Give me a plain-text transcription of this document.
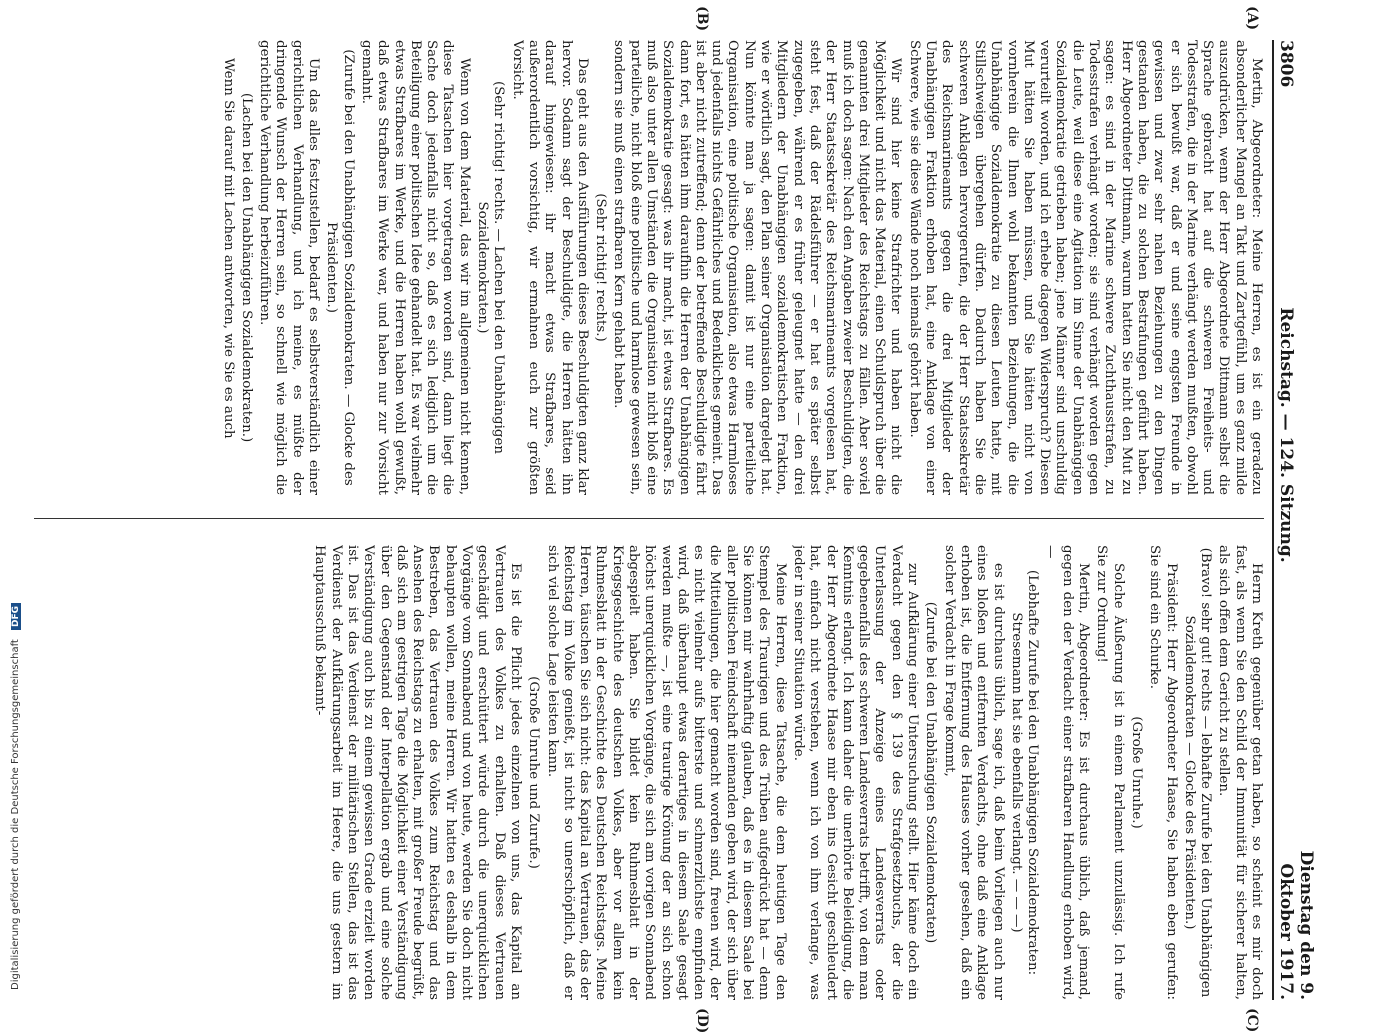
3806
Reichstag. — 124. Sitzung.
Dienstag den 9. Oktober 1917.
(A)
(B)
(C)
(D)

Mertin, Abgeordneter: Meine Herren, es ist ein geradezu absonderlicher Mangel an Takt und Zartgefühl, um es ganz milde auszudrücken, wenn der Herr Abgeordnete Dittmann selbst die Sprache gebracht hat auf die schweren Freiheits- und Todesstrafen, die in der Marine verhängt werden mußten, obwohl er sich bewußt war, daß er und seine engsten Freunde in gewissen und zwar sehr nahen Beziehungen zu den Dingen gestanden haben, die zu solchen Bestrafungen geführt haben. Herr Abgeordneter Dittmann, warum hatten Sie nicht den Mut zu sagen: es sind in der Marine schwere Zuchthausstrafen, zu Todesstrafen verhängt worden; sie sind verhängt worden gegen die Leute, weil diese eine Agitation im Sinne der Unabhängigen Sozialdemokratie getrieben haben; jene Männer sind unschuldig verurteilt worden, und ich erhebe dagegen Widerspruch? Diesen Mut hätten Sie haben müssen, und Sie hätten nicht von vornherein die Ihnen wohl bekannten Beziehungen, die die Unabhängige Sozialdemokratie zu diesen Leuten hatte, mit Stillschweigen übergehen dürfen. Dadurch haben Sie die schweren Anklagen hervorgerufen, die der Herr Staatssekretär des Reichsmarineamts gegen die drei Mitglieder der Unabhängigen Fraktion erhoben hat, eine Anklage von einer Schwere, wie sie diese Wände noch niemals gehört haben.

Wir sind hier keine Strafrichter und haben nicht die Möglichkeit und nicht das Material, einen Schuldspruch über die genannten drei Mitglieder des Reichstags zu fällen. Aber soviel muß ich doch sagen: Nach den Angaben zweier Beschuldigten, die der Herr Staatssekretär des Reichsmarineamts vorgelesen hat, steht fest, daß der Rädelsführer — er hat es später selbst zugegeben, während er es früher geleugnet hatte — den drei Mitgliedern der Unabhängigen sozialdemokratischen Fraktion, wie er wörtlich sagt, den Plan seiner Organisation dargelegt hat. Nun könnte man ja sagen: damit ist nur eine parteiliche Organisation, eine politische Organisation, also etwas Harmloses und jedenfalls nichts Gefährliches und Bedenkliches gemeint. Das ist aber nicht zutreffend; denn der betreffende Beschuldigte fährt dann fort, es hätten ihm daraufhin die Herren der Unabhängigen Sozialdemokratie gesagt: was ihr macht, ist etwas Strafbares. Es muß also unter allen Umständen die Organisation nicht bloß eine parteiliche, nicht bloß eine politische und harmlose gewesen sein, sondern sie muß einen strafbaren Kern gehabt haben.

(Sehr richtig! rechts.)

Das geht aus den Ausführungen dieses Beschuldigten ganz klar hervor. Sodann sagt der Beschuldigte, die Herren hätten ihn darauf hingewiesen: ihr macht etwas Strafbares, seid außerordentlich vorsichtig, wir ermahnen euch zur größten Vorsicht.

(Sehr richtig! rechts. — Lachen bei den Unabhängigen Sozialdemokraten.)

Wenn von dem Material, das wir im allgemeinen nicht kennen, diese Tatsachen hier vorgetragen worden sind, dann liegt die Sache doch jedenfalls nicht so, daß es sich lediglich um die Beteiligung einer politischen Idee gehandelt hat. Es war vielmehr etwas Strafbares im Werke, und die Herren haben wohl gewußt, daß etwas Strafbares im Werke war, und haben nur zur Vorsicht gemahnt.

(Zurufe bei den Unabhängigen Sozialdemokraten. — Glocke des Präsidenten.)

Um das alles festzustellen, bedarf es selbstverständlich einer gerichtlichen Verhandlung, und ich meine, es müßte der dringende Wunsch der Herren sein, so schnell wie möglich die gerichtliche Verhandlung herbeizuführen.

(Lachen bei den Unabhängigen Sozialdemokraten.)

Wenn Sie darauf mit Lachen antworten, wie Sie es auch

Herrn Kreth gegenüber getan haben, so scheint es mir doch fast, als wenn Sie den Schild der Immunität für sicherer halten, als sich offen dem Gericht zu stellen.

(Bravo! sehr gut! rechts — lebhafte Zurufe bei den Unabhängigen Sozialdemokraten — Glocke des Präsidenten.)

Präsident: Herr Abgeordneter Haase, Sie haben eben gerufen: Sie sind ein Schurke.

(Große Unruhe.)

Solche Äußerung ist in einem Parlament unzulässig. Ich rufe Sie zur Ordnung!

Mertin, Abgeordneter: Es ist durchaus üblich, daß jemand, gegen den der Verdacht einer strafbaren Handlung erhoben wird, —

(Lebhafte Zurufe bei den Unabhängigen Sozialdemokraten: Stresemann hat sie ebenfalls verlangt. — — —)

es ist durchaus üblich, sage ich, daß beim Vorliegen auch nur eines bloßen und entfernten Verdachts, ohne daß eine Anklage erhoben ist, die Entfernung des Hauses vorher gesehen, daß ein solcher Verdacht in Frage kommt,

(Zurufe bei den Unabhängigen Sozialdemokraten)

zur Aufklärung einer Untersuchung stellt. Hier käme doch ein Verdacht gegen den § 139 des Strafgesetzbuchs, der die Unterlassung der Anzeige eines Landesverrats oder gegebenenfalls des schweren Landesverrats betrifft, von dem man Kenntnis erlangt. Ich kann daher die unerhörte Beleidigung, die der Herr Abgeordnete Haase mir eben ins Gesicht geschleudert hat, einfach nicht verstehen, wenn ich von ihm verlange, was jeder in seiner Situation würde.

Meine Herren, diese Tatsache, die dem heutigen Tage den Stempel des Traurigen und des Trüben aufgedrückt hat — denn Sie können mir wahrhaftig glauben, daß es in diesem Saale bei aller politischen Feindschaft niemanden geben wird, der sich über die Mitteilungen, die hier gemacht worden sind, freuen wird, der es nicht vielmehr aufs bitterste und schmerzlichste empfinden wird, daß überhaupt etwas derartiges in diesem Saale gesagt werden mußte —, ist eine traurige Krönung der an sich schon höchst unerquicklichen Vorgänge, die sich am vorigen Sonnabend abgespielt haben. Sie bildet kein Ruhmesblatt in der Kriegsgeschichte des deutschen Volkes, aber vor allem kein Ruhmesblatt in der Geschichte des Deutschen Reichstags. Meine Herren, täuschen Sie sich nicht: das Kapital an Vertrauen, das der Reichstag im Volke genießt, ist nicht so unerschöpflich, daß er sich viel solche Lage leisten kann.

(Große Unruhe und Zurufe.)

Es ist die Pflicht jedes einzelnen von uns, das Kapital an Vertrauen des Volkes zu erhalten. Daß dieses Vertrauen geschädigt und erschüttert würde durch die unerquicklichen Vorgänge vom Sonnabend und von heute, werden Sie doch nicht behaupten wollen, meine Herren. Wir hatten es deshalb in dem Bestreben, das Vertrauen des Volkes zum Reichstag und das Ansehen des Reichstags zu erhalten, mit großer Freude begrüßt, daß sich am gestrigen Tage die Möglichkeit einer Verständigung über den Gegenstand der Interpellation ergab und eine solche Verständigung auch bis zu einem gewissen Grade erzielt worden ist. Das ist das Verdienst der militärischen Stellen, das ist das Verdienst der Aufklärungsarbeit im Heere, die uns gestern im Hauptausschuß bekannt-

Digitalisierung gefördert durch die Deutsche Forschungsgemeinschaft DFG
